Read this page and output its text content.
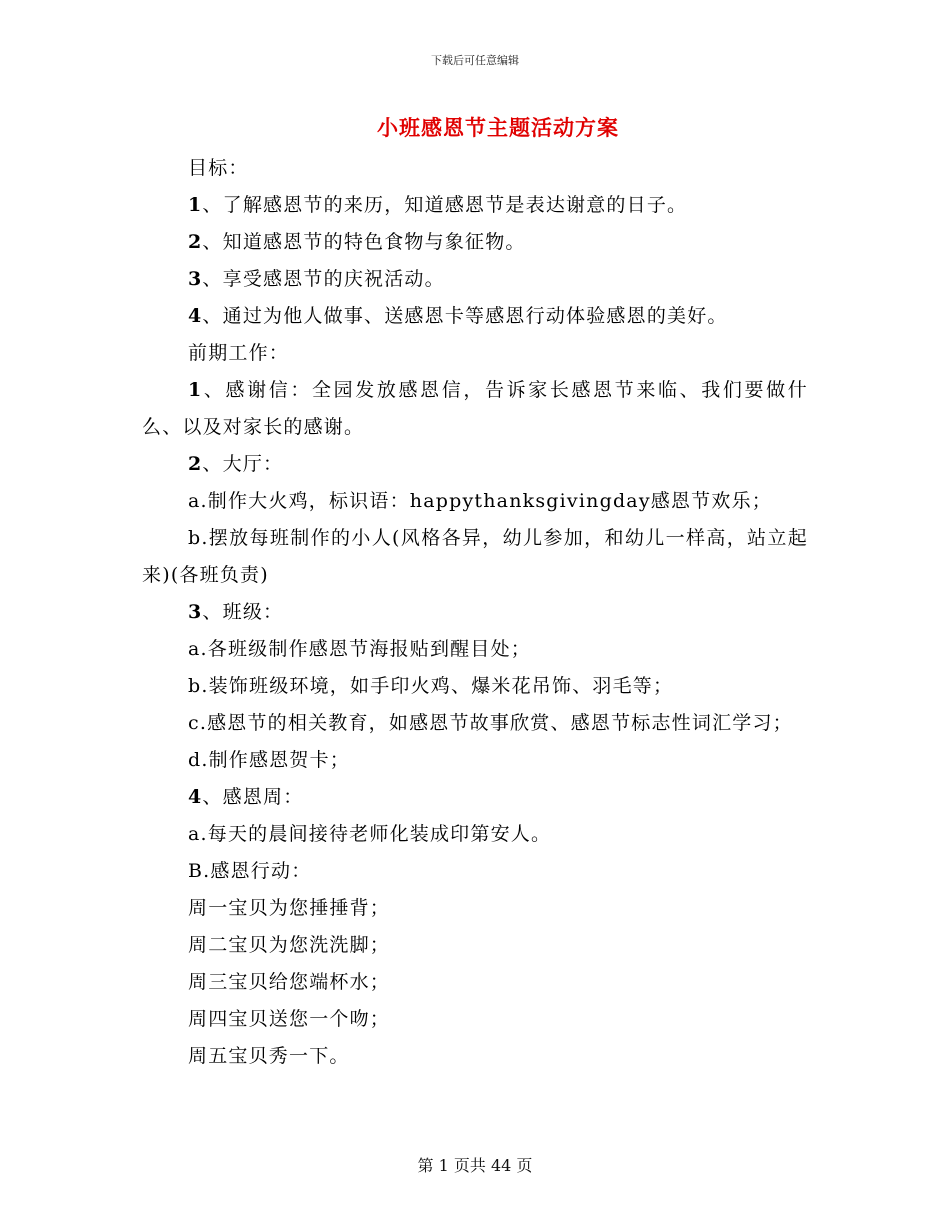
下载后可任意编辑
小班感恩节主题活动方案

目标：

1、了解感恩节的来历，知道感恩节是表达谢意的日子。

2、知道感恩节的特色食物与象征物。

3、享受感恩节的庆祝活动。

4、通过为他人做事、送感恩卡等感恩行动体验感恩的美好。

前期工作：

1、感谢信：全园发放感恩信，告诉家长感恩节来临、我们要做什么、以及对家长的感谢。

2、大厅：

a.制作大火鸡，标识语：happythanksgivingday感恩节欢乐；

b.摆放每班制作的小人(风格各异，幼儿参加，和幼儿一样高，站立起来)(各班负责)

3、班级：

a.各班级制作感恩节海报贴到醒目处；

b.装饰班级环境，如手印火鸡、爆米花吊饰、羽毛等；

c.感恩节的相关教育，如感恩节故事欣赏、感恩节标志性词汇学习；

d.制作感恩贺卡；

4、感恩周：

a.每天的晨间接待老师化装成印第安人。

B.感恩行动：

周一宝贝为您捶捶背；

周二宝贝为您洗洗脚；

周三宝贝给您端杯水；

周四宝贝送您一个吻；

周五宝贝秀一下。

第 1 页共 44 页
